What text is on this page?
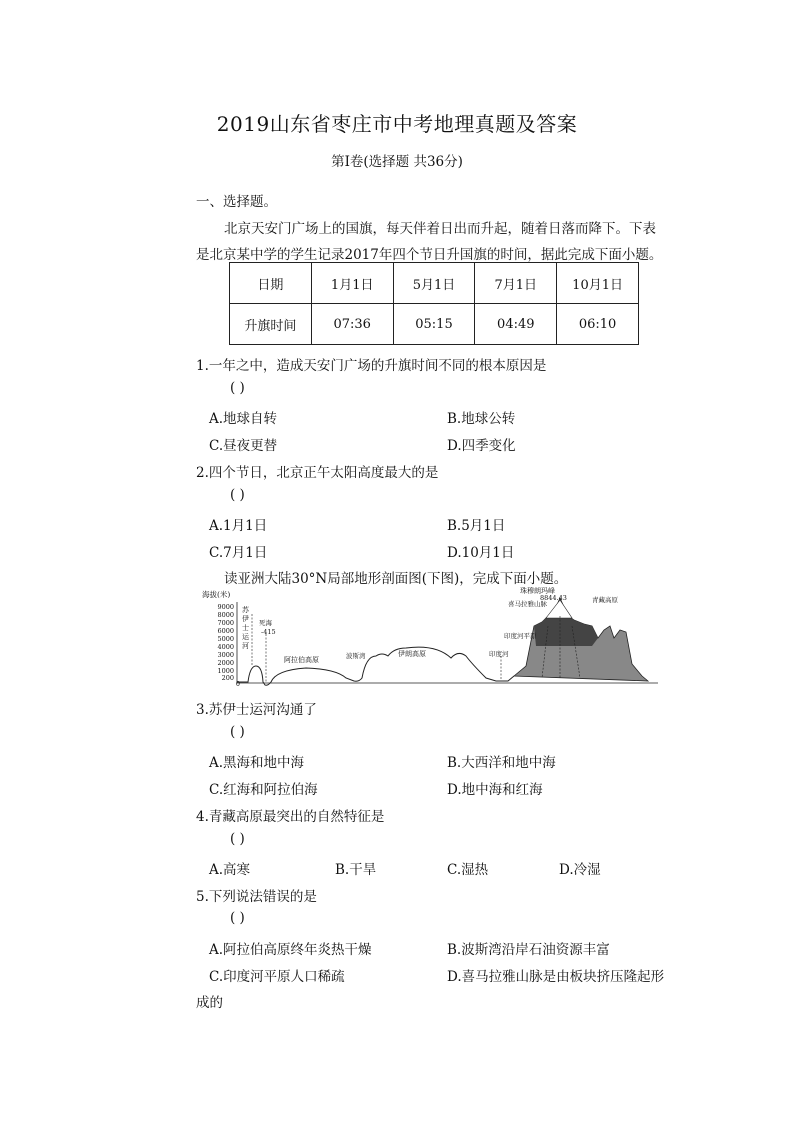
2019山东省枣庄市中考地理真题及答案
第Ⅰ卷(选择题 共36分)
一、选择题。
北京天安门广场上的国旗，每天伴着日出而升起，随着日落而降下。下表
是北京某中学的学生记录2017年四个节日升国旗的时间，据此完成下面小题。
日期	1月1日	5月1日	7月1日	10月1日
升旗时间	07:36	05:15	04:49	06:10
1.一年之中，造成天安门广场的升旗时间不同的根本原因是
( )
A.地球自转	B.地球公转
C.昼夜更替	D.四季变化
2.四个节日，北京正午太阳高度最大的是
( )
A.1月1日	B.5月1日
C.7月1日	D.10月1日
读亚洲大陆30°N局部地形剖面图(下图)，完成下面小题。
海拔(米)
9000
8000
7000
6000
5000
4000
3000
2000
1000
200
0
苏伊士运河
死海
-415
阿拉伯高原	波斯湾	伊朗高原	印度河
印度河平原
喜马拉雅山脉
珠穆朗玛峰
8844.43	青藏高原
3.苏伊士运河沟通了
( )
A.黑海和地中海	B.大西洋和地中海
C.红海和阿拉伯海	D.地中海和红海
4.青藏高原最突出的自然特征是
( )
A.高寒	B.干旱	C.湿热	D.冷湿
5.下列说法错误的是
( )
A.阿拉伯高原终年炎热干燥	B.波斯湾沿岸石油资源丰富
C.印度河平原人口稀疏	D.喜马拉雅山脉是由板块挤压隆起形
成的
